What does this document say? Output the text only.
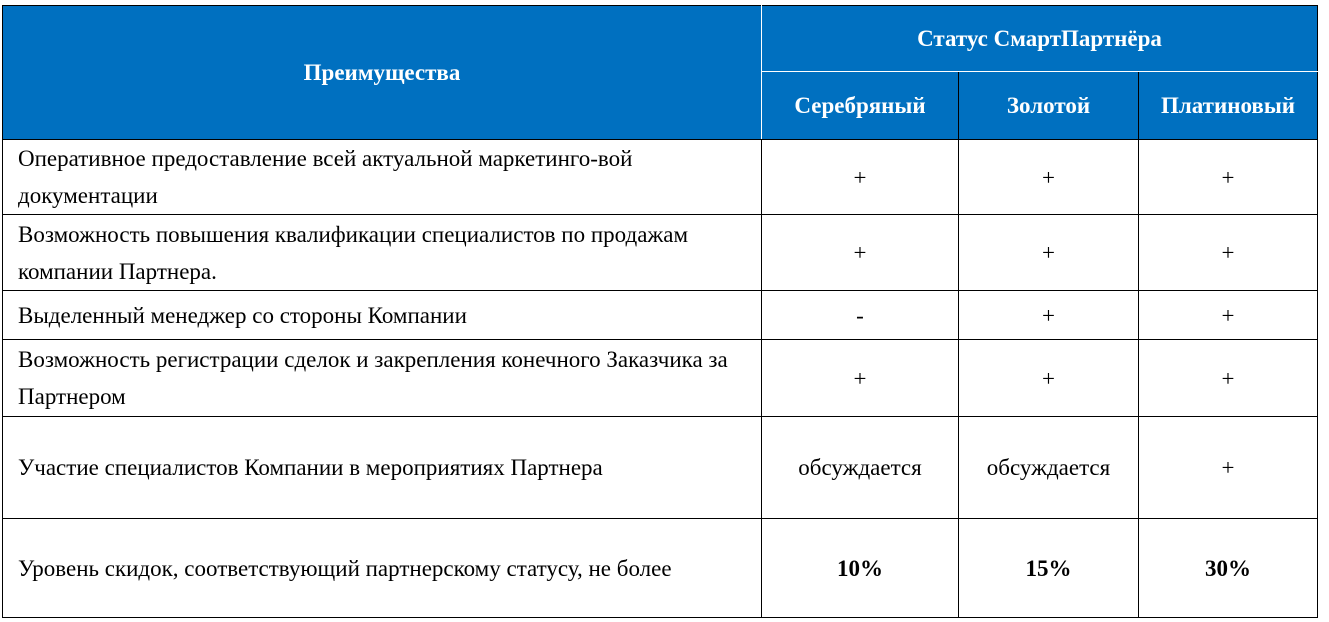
Преимущества	Статус СмартПартнёра		
	Серебряный	Золотой	Платиновый
Оперативное предоставление всей актуальной маркетинго-вой документации	+	+	+
Возможность повышения квалификации специалистов по продажам компании Партнера.	+	+	+
Выделенный менеджер со стороны Компании	-	+	+
Возможность регистрации сделок и закрепления конечного Заказчика за Партнером	+	+	+
Участие специалистов Компании в мероприятиях Партнера	обсуждается	обсуждается	+
Уровень скидок, соответствующий партнерскому статусу, не более	10%	15%	30%
